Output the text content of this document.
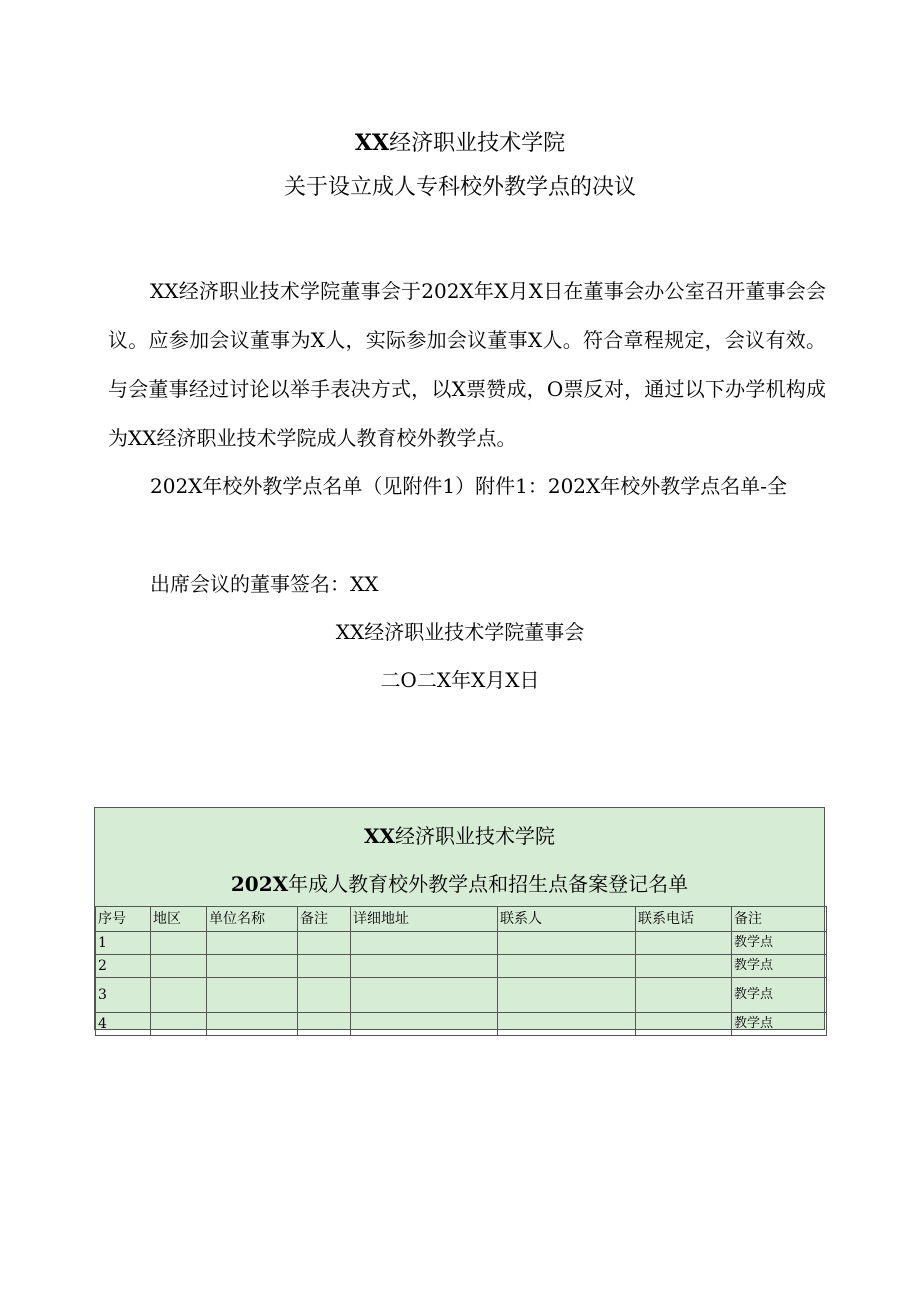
XX经济职业技术学院
关于设立成人专科校外教学点的决议
XX经济职业技术学院董事会于202X年X月X日在董事会办公室召开董事会会议。应参加会议董事为X人，实际参加会议董事X人。符合章程规定，会议有效。与会董事经过讨论以举手表决方式，以X票赞成，O票反对，通过以下办学机构成为XX经济职业技术学院成人教育校外教学点。
202X年校外教学点名单（见附件1）附件1：202X年校外教学点名单-全
出席会议的董事签名：XX
XX经济职业技术学院董事会
二O二X年X月X日
XX经济职业技术学院
202X年成人教育校外教学点和招生点备案登记名单
序号	地区	单位名称	备注	详细地址	联系人	联系电话	备注
1							教学点
2							教学点
3							教学点
4							教学点
